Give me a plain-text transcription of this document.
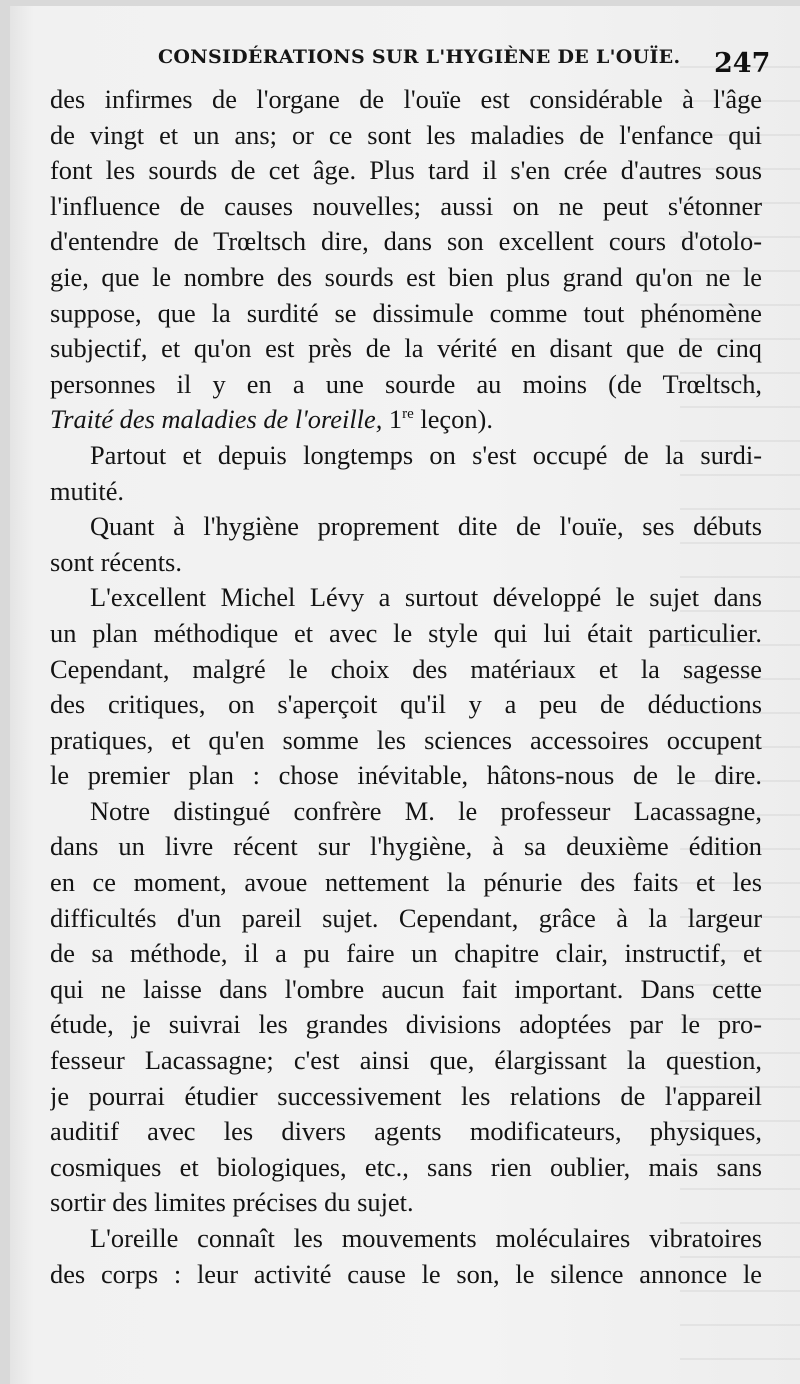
CONSIDÉRATIONS SUR L'HYGIÈNE DE L'OUÏE. 247
des infirmes de l'organe de l'ouïe est considérable à l'âge
de vingt et un ans; or ce sont les maladies de l'enfance qui
font les sourds de cet âge. Plus tard il s'en crée d'autres sous
l'influence de causes nouvelles; aussi on ne peut s'étonner
d'entendre de Trœltsch dire, dans son excellent cours d'otolo-
gie, que le nombre des sourds est bien plus grand qu'on ne le
suppose, que la surdité se dissimule comme tout phénomène
subjectif, et qu'on est près de la vérité en disant que de cinq
personnes il y en a une sourde au moins (de Trœltsch,
Traité des maladies de l'oreille, 1re leçon).
Partout et depuis longtemps on s'est occupé de la surdi-
mutité.
Quant à l'hygiène proprement dite de l'ouïe, ses débuts
sont récents.
L'excellent Michel Lévy a surtout développé le sujet dans
un plan méthodique et avec le style qui lui était particulier.
Cependant, malgré le choix des matériaux et la sagesse
des critiques, on s'aperçoit qu'il y a peu de déductions
pratiques, et qu'en somme les sciences accessoires occupent
le premier plan : chose inévitable, hâtons-nous de le dire.
Notre distingué confrère M. le professeur Lacassagne,
dans un livre récent sur l'hygiène, à sa deuxième édition
en ce moment, avoue nettement la pénurie des faits et les
difficultés d'un pareil sujet. Cependant, grâce à la largeur
de sa méthode, il a pu faire un chapitre clair, instructif, et
qui ne laisse dans l'ombre aucun fait important. Dans cette
étude, je suivrai les grandes divisions adoptées par le pro-
fesseur Lacassagne; c'est ainsi que, élargissant la question,
je pourrai étudier successivement les relations de l'appareil
auditif avec les divers agents modificateurs, physiques,
cosmiques et biologiques, etc., sans rien oublier, mais sans
sortir des limites précises du sujet.
L'oreille connaît les mouvements moléculaires vibratoires
des corps : leur activité cause le son, le silence annonce le
